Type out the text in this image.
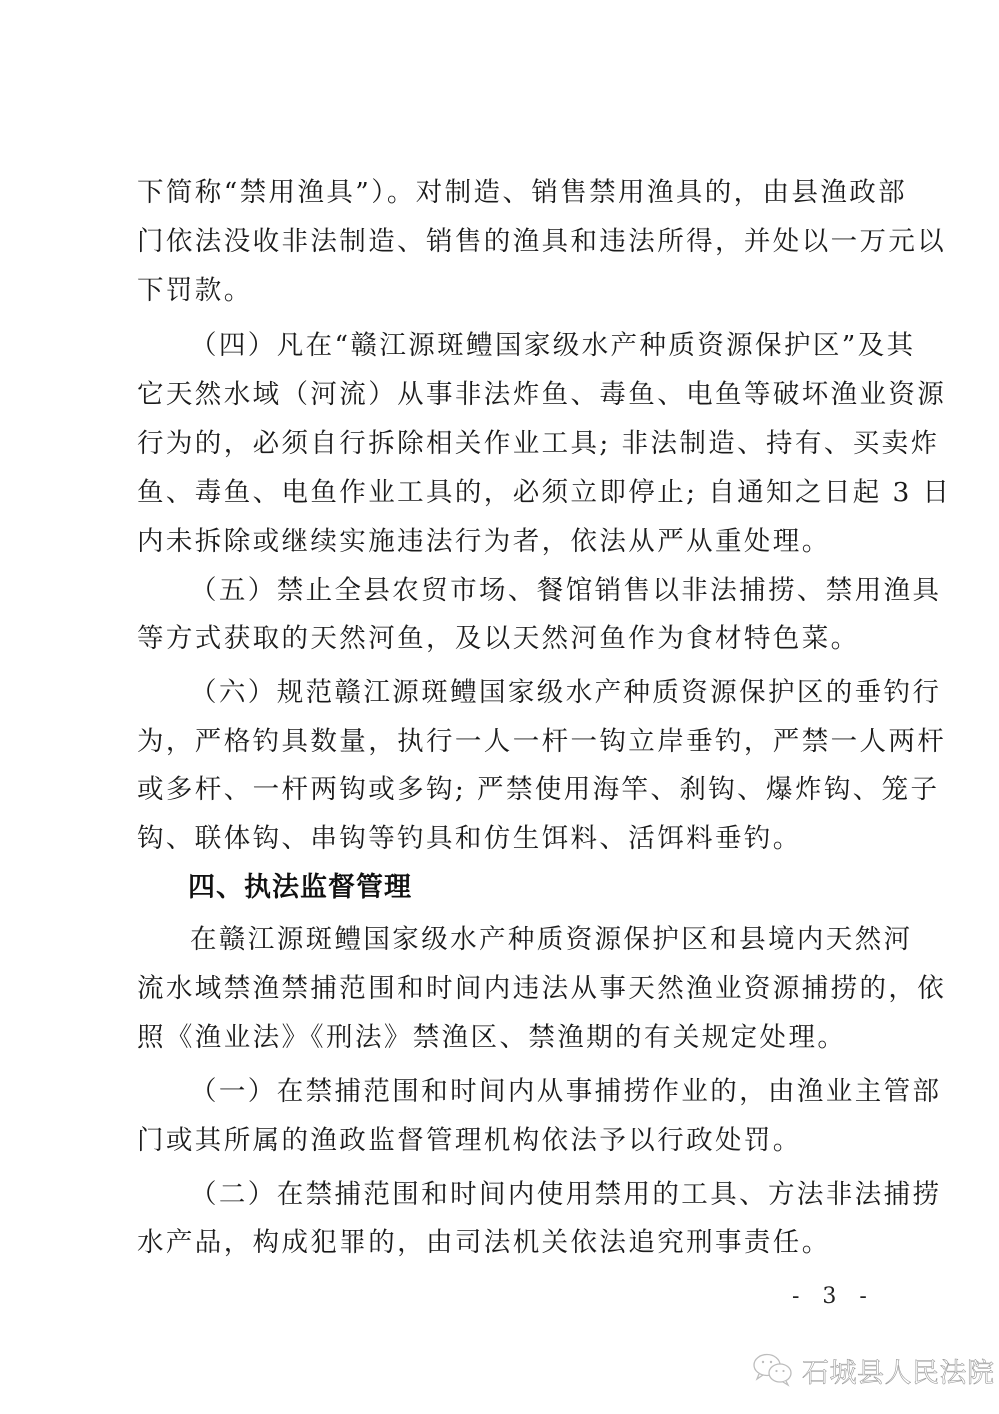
下简称“禁用渔具”）。对制造、销售禁用渔具的，由县渔政部
门依法没收非法制造、销售的渔具和违法所得，并处以一万元以
下罚款。
（四）凡在“赣江源斑鳢国家级水产种质资源保护区”及其
它天然水域（河流）从事非法炸鱼、毒鱼、电鱼等破坏渔业资源
行为的，必须自行拆除相关作业工具; 非法制造、持有、买卖炸
鱼、毒鱼、电鱼作业工具的，必须立即停止; 自通知之日起 3 日
内未拆除或继续实施违法行为者，依法从严从重处理。
（五）禁止全县农贸市场、餐馆销售以非法捕捞、禁用渔具
等方式获取的天然河鱼，及以天然河鱼作为食材特色菜。
（六）规范赣江源斑鳢国家级水产种质资源保护区的垂钓行
为，严格钓具数量，执行一人一杆一钩立岸垂钓，严禁一人两杆
或多杆、一杆两钩或多钩; 严禁使用海竿、刹钩、爆炸钩、笼子
钩、联体钩、串钩等钓具和仿生饵料、活饵料垂钓。
四、执法监督管理
在赣江源斑鳢国家级水产种质资源保护区和县境内天然河
流水域禁渔禁捕范围和时间内违法从事天然渔业资源捕捞的，依
照《渔业法》《刑法》禁渔区、禁渔期的有关规定处理。
（一）在禁捕范围和时间内从事捕捞作业的，由渔业主管部
门或其所属的渔政监督管理机构依法予以行政处罚。
（二）在禁捕范围和时间内使用禁用的工具、方法非法捕捞
水产品，构成犯罪的，由司法机关依法追究刑事责任。
- 3 -
石城县人民法院
